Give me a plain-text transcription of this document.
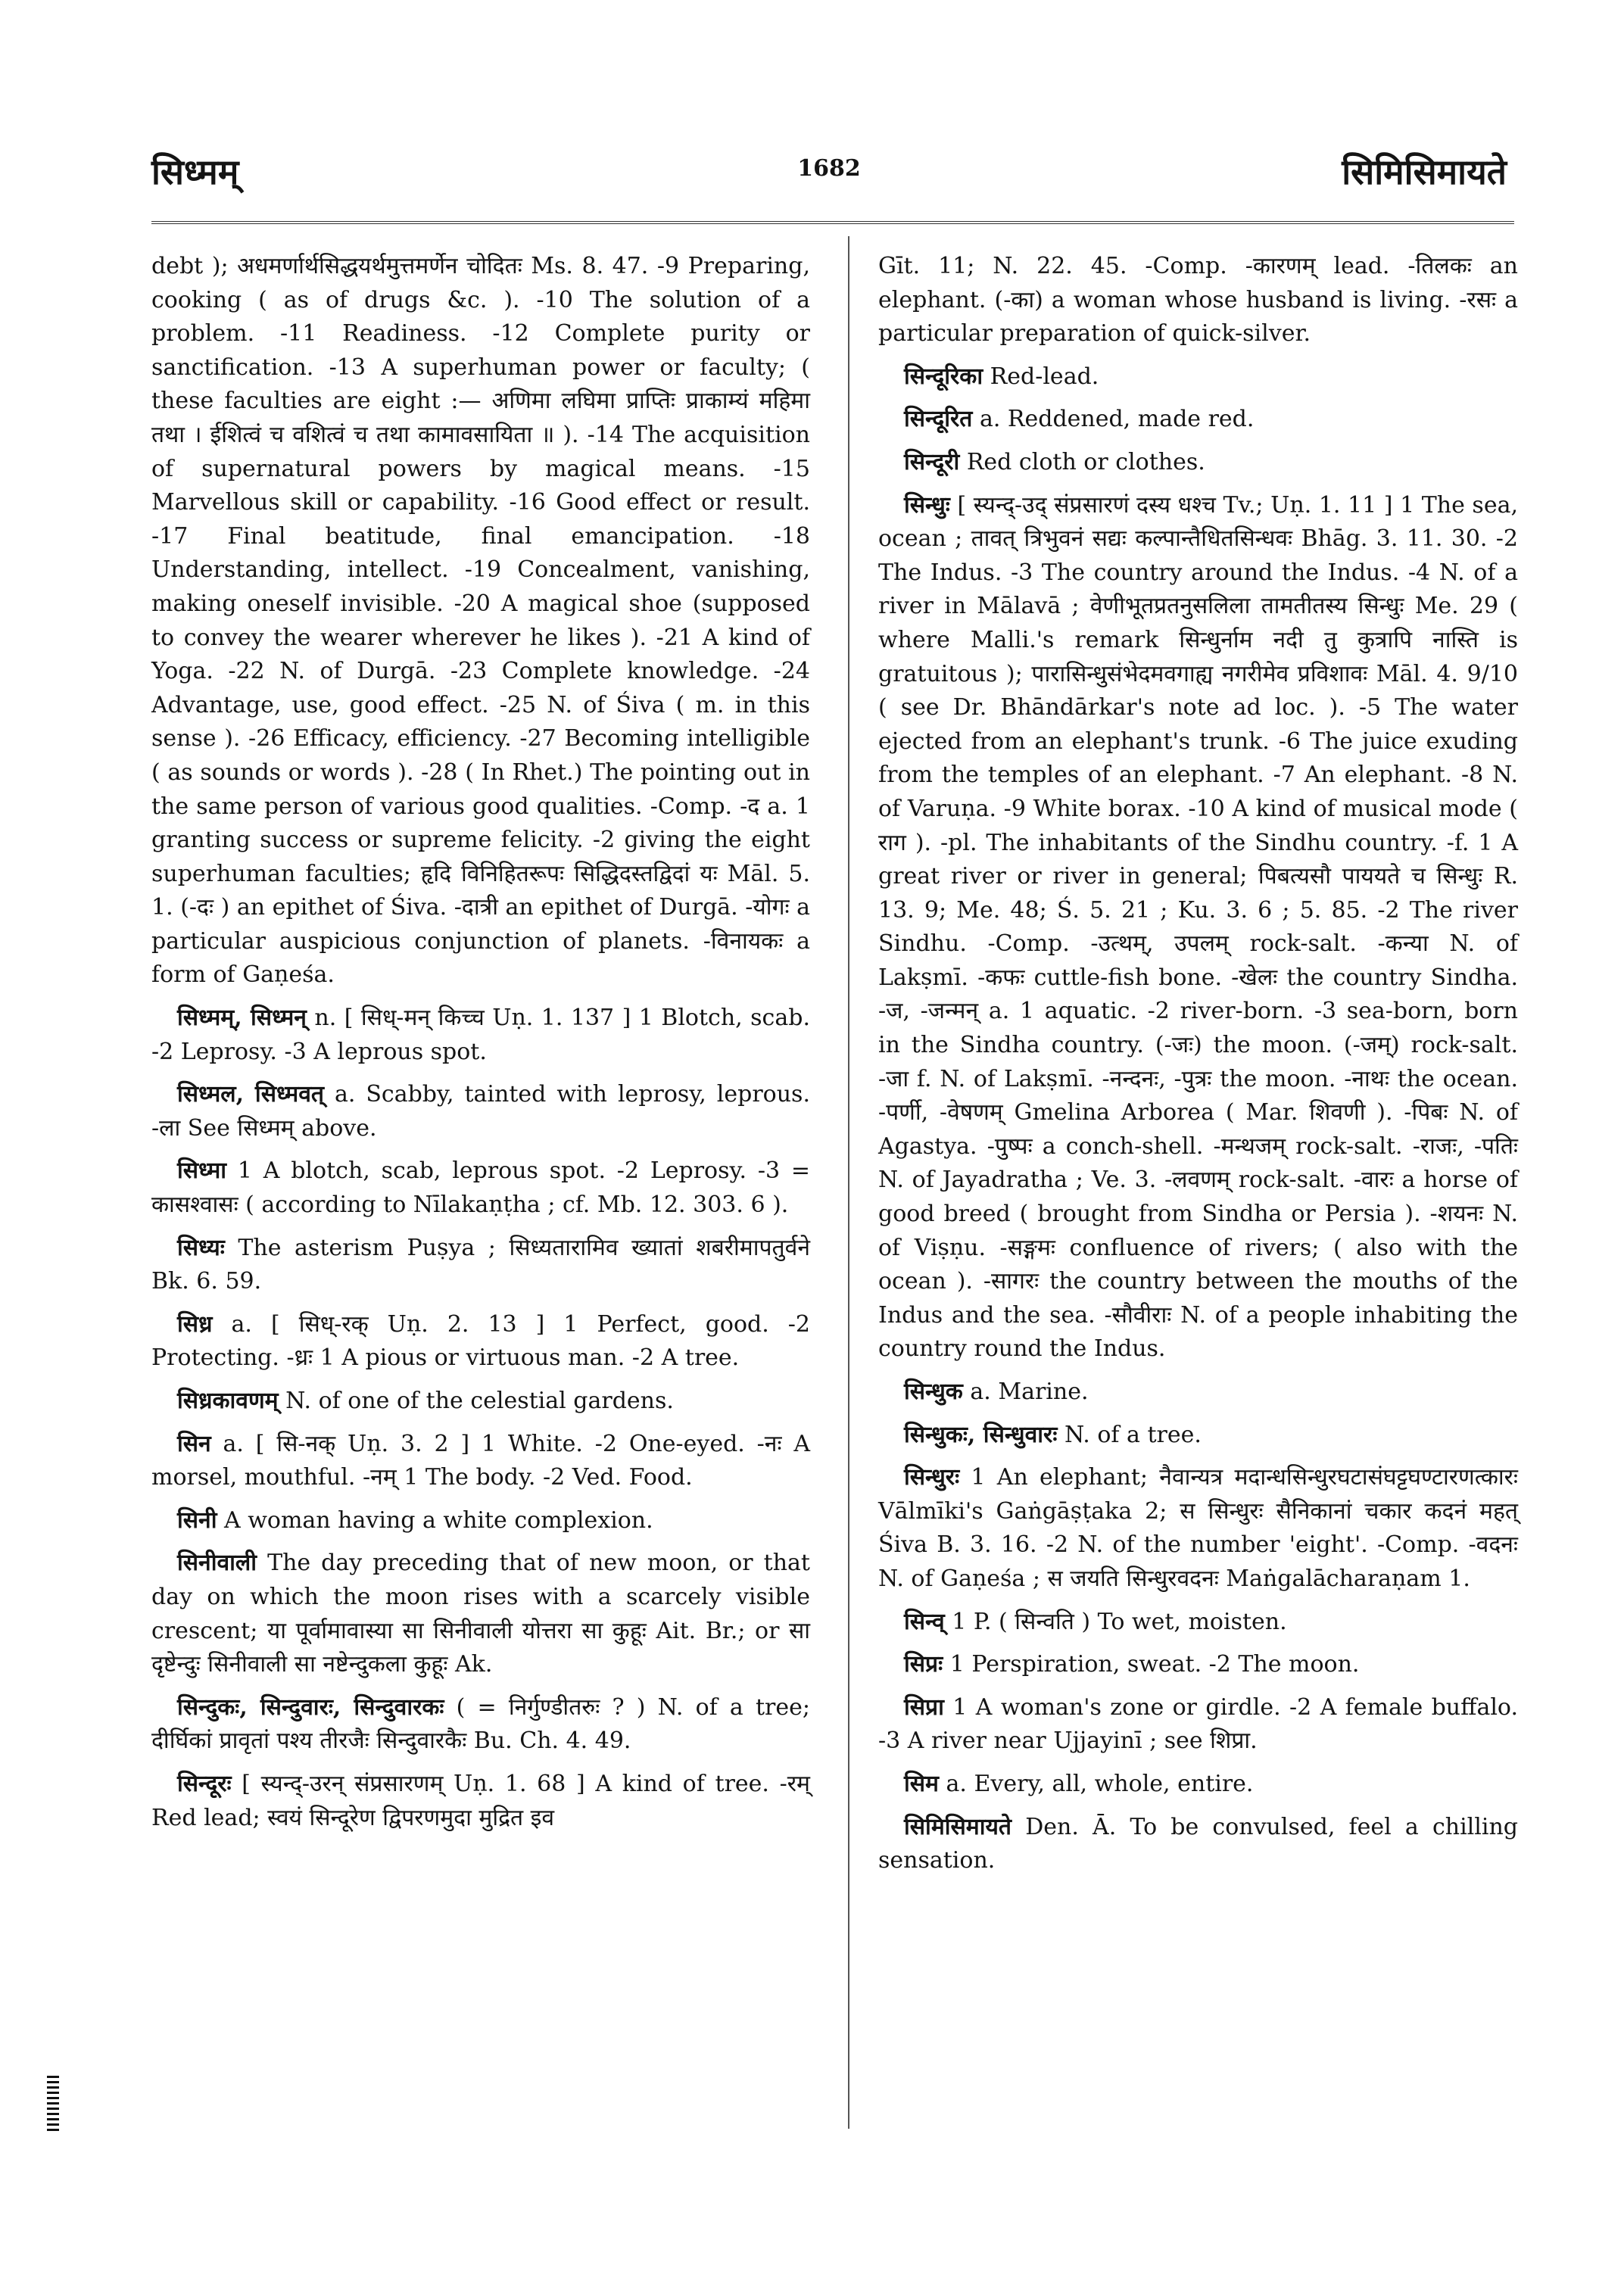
सिध्मम्	1682	सिमिसिमायते

debt ); अधमर्णार्थसिद्धयर्थमुत्तमर्णेन चोदितः Ms. 8. 47. -9 Preparing, cooking ( as of drugs &c. ). -10 The solution of a problem. -11 Readiness. -12 Complete purity or sanctification. -13 A superhuman power or faculty; ( these faculties are eight :— अणिमा लघिमा प्राप्तिः प्राकाम्यं महिमा तथा । ईशित्वं च वशित्वं च तथा कामावसायिता ॥ ). -14 The acquisition of supernatural powers by magical means. -15 Marvellous skill or capability. -16 Good effect or result. -17 Final beatitude, final emancipation. -18 Understanding, intellect. -19 Concealment, vanishing, making oneself invisible. -20 A magical shoe (supposed to convey the wearer wherever he likes ). -21 A kind of Yoga. -22 N. of Durgā. -23 Complete knowledge. -24 Advantage, use, good effect. -25 N. of Śiva ( m. in this sense ). -26 Efficacy, efficiency. -27 Becoming intelligible ( as sounds or words ). -28 ( In Rhet.) The pointing out in the same person of various good qualities. -Comp. -द a. 1 granting success or supreme felicity. -2 giving the eight superhuman faculties; हृदि विनिहितरूपः सिद्धिदस्तद्विदां यः Māl. 5. 1. (-दः ) an epithet of Śiva. -दात्री an epithet of Durgā. -योगः a particular auspicious conjunction of planets. -विनायकः a form of Gaṇeśa.

सिध्मम्, सिध्मन् n. [ सिध्-मन् किच्च Uṇ. 1. 137 ] 1 Blotch, scab. -2 Leprosy. -3 A leprous spot.

सिध्मल, सिध्मवत् a. Scabby, tainted with leprosy, leprous. -ला See सिध्मम् above.

सिध्मा 1 A blotch, scab, leprous spot. -2 Leprosy. -3 = कासश्वासः ( according to Nīlakaṇṭha ; cf. Mb. 12. 303. 6 ).

सिध्यः The asterism Puṣya ; सिध्यतारामिव ख्यातां शबरीमापतुर्वने Bk. 6. 59.

सिध्र a. [ सिध्-रक् Uṇ. 2. 13 ] 1 Perfect, good. -2 Protecting. -ध्रः 1 A pious or virtuous man. -2 A tree.

सिध्रकावणम् N. of one of the celestial gardens.

सिन a. [ सि-नक् Uṇ. 3. 2 ] 1 White. -2 One-eyed. -नः A morsel, mouthful. -नम् 1 The body. -2 Ved. Food.

सिनी A woman having a white complexion.

सिनीवाली The day preceding that of new moon, or that day on which the moon rises with a scarcely visible crescent; या पूर्वामावास्या सा सिनीवाली योत्तरा सा कुहूः Ait. Br.; or सा दृष्टेन्दुः सिनीवाली सा नष्टेन्दुकला कुहूः Ak.

सिन्दुकः, सिन्दुवारः, सिन्दुवारकः ( = निर्गुण्डीतरुः ? ) N. of a tree; दीर्घिकां प्रावृतां पश्य तीरजैः सिन्दुवारकैः Bu. Ch. 4. 49.

सिन्दूरः [ स्यन्द्-उरन् संप्रसारणम् Uṇ. 1. 68 ] A kind of tree. -रम् Red lead; स्वयं सिन्दूरेण द्विपरणमुदा मुद्रित इव

Gīt. 11; N. 22. 45. -Comp. -कारणम् lead. -तिलकः an elephant. (-का) a woman whose husband is living. -रसः a particular preparation of quick-silver.

सिन्दूरिका Red-lead.

सिन्दूरित a. Reddened, made red.

सिन्दूरी Red cloth or clothes.

सिन्धुः [ स्यन्द्-उद् संप्रसारणं दस्य धश्च Tv.; Uṇ. 1. 11 ] 1 The sea, ocean ; तावत् त्रिभुवनं सद्यः कल्पान्तैधितसिन्धवः Bhāg. 3. 11. 30. -2 The Indus. -3 The country around the Indus. -4 N. of a river in Mālavā ; वेणीभूतप्रतनुसलिला तामतीतस्य सिन्धुः Me. 29 ( where Malli.'s remark सिन्धुर्नाम नदी तु कुत्रापि नास्ति is gratuitous ); पारासिन्धुसंभेदमवगाह्य नगरीमेव प्रविशावः Māl. 4. 9/10 ( see Dr. Bhāndārkar's note ad loc. ). -5 The water ejected from an elephant's trunk. -6 The juice exuding from the temples of an elephant. -7 An elephant. -8 N. of Varuṇa. -9 White borax. -10 A kind of musical mode ( राग ). -pl. The inhabitants of the Sindhu country. -f. 1 A great river or river in general; पिबत्यसौ पाययते च सिन्धुः R. 13. 9; Me. 48; Ś. 5. 21 ; Ku. 3. 6 ; 5. 85. -2 The river Sindhu. -Comp. -उत्थम्, उपलम् rock-salt. -कन्या N. of Lakṣmī. -कफः cuttle-fish bone. -खेलः the country Sindha. -ज, -जन्मन् a. 1 aquatic. -2 river-born. -3 sea-born, born in the Sindha country. (-जः) the moon. (-जम्) rock-salt. -जा f. N. of Lakṣmī. -नन्दनः, -पुत्रः the moon. -नाथः the ocean. -पर्णी, -वेषणम् Gmelina Arborea ( Mar. शिवणी ). -पिबः N. of Agastya. -पुष्पः a conch-shell. -मन्थजम् rock-salt. -राजः, -पतिः N. of Jayadratha ; Ve. 3. -लवणम् rock-salt. -वारः a horse of good breed ( brought from Sindha or Persia ). -शयनः N. of Viṣṇu. -सङ्गमः confluence of rivers; ( also with the ocean ). -सागरः the country between the mouths of the Indus and the sea. -सौवीराः N. of a people inhabiting the country round the Indus.

सिन्धुक a. Marine.

सिन्धुकः, सिन्धुवारः N. of a tree.

सिन्धुरः 1 An elephant; नैवान्यत्र मदान्धसिन्धुरघटासंघट्टघण्टारणत्कारः Vālmīki's Gaṅgāṣṭaka 2; स सिन्धुरः सैनिकानां चकार कदनं महत् Śiva B. 3. 16. -2 N. of the number 'eight'. -Comp. -वदनः N. of Gaṇeśa ; स जयति सिन्धुरवदनः Maṅgalācharaṇam 1.

सिन्व् 1 P. ( सिन्वति ) To wet, moisten.

सिप्रः 1 Perspiration, sweat. -2 The moon.

सिप्रा 1 A woman's zone or girdle. -2 A female buffalo. -3 A river near Ujjayinī ; see शिप्रा.

सिम a. Every, all, whole, entire.

सिमिसिमायते Den. Ā. To be convulsed, feel a chilling sensation.
